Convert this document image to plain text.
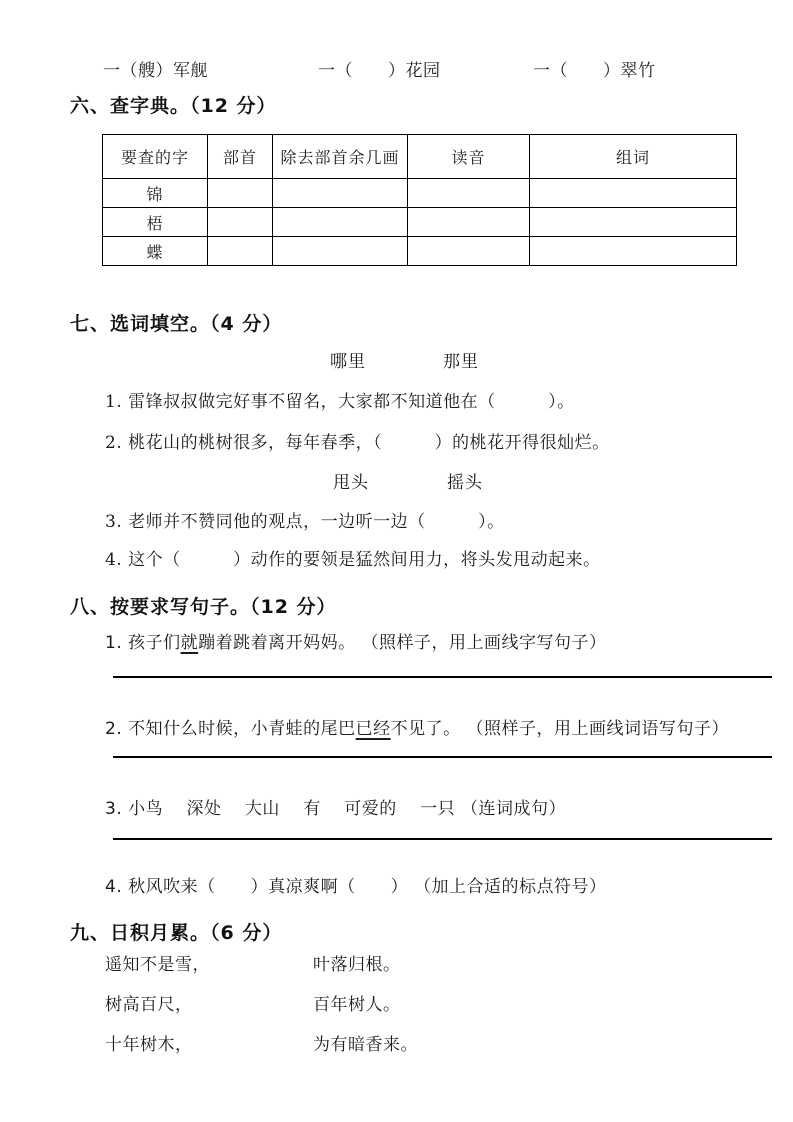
一（艘）军舰	一（　　）花园	一（　　）翠竹
六、查字典。（12 分）
要查的字	部首	除去部首余几画	读音	组词
锦				
梧				
蝶				
七、选词填空。（4 分）
哪里	那里
1. 雷锋叔叔做完好事不留名，大家都不知道他在（　　　）。
2. 桃花山的桃树很多，每年春季，（　　　）的桃花开得很灿烂。
甩头	摇头
3. 老师并不赞同他的观点，一边听一边（　　　）。
4. 这个（　　　）动作的要领是猛然间用力，将头发甩动起来。
八、按要求写句子。（12 分）
1. 孩子们就蹦着跳着离开妈妈。 （照样子，用上画线字写句子）
2. 不知什么时候，小青蛙的尾巴已经不见了。 （照样子，用上画线词语写句子）
3. 小鸟　 深处　 大山　 有　 可爱的　 一只 （连词成句）
4. 秋风吹来（　　）真凉爽啊（　　） （加上合适的标点符号）
九、日积月累。（6 分）
遥知不是雪，	叶落归根。
树高百尺，	百年树人。
十年树木，	为有暗香来。
